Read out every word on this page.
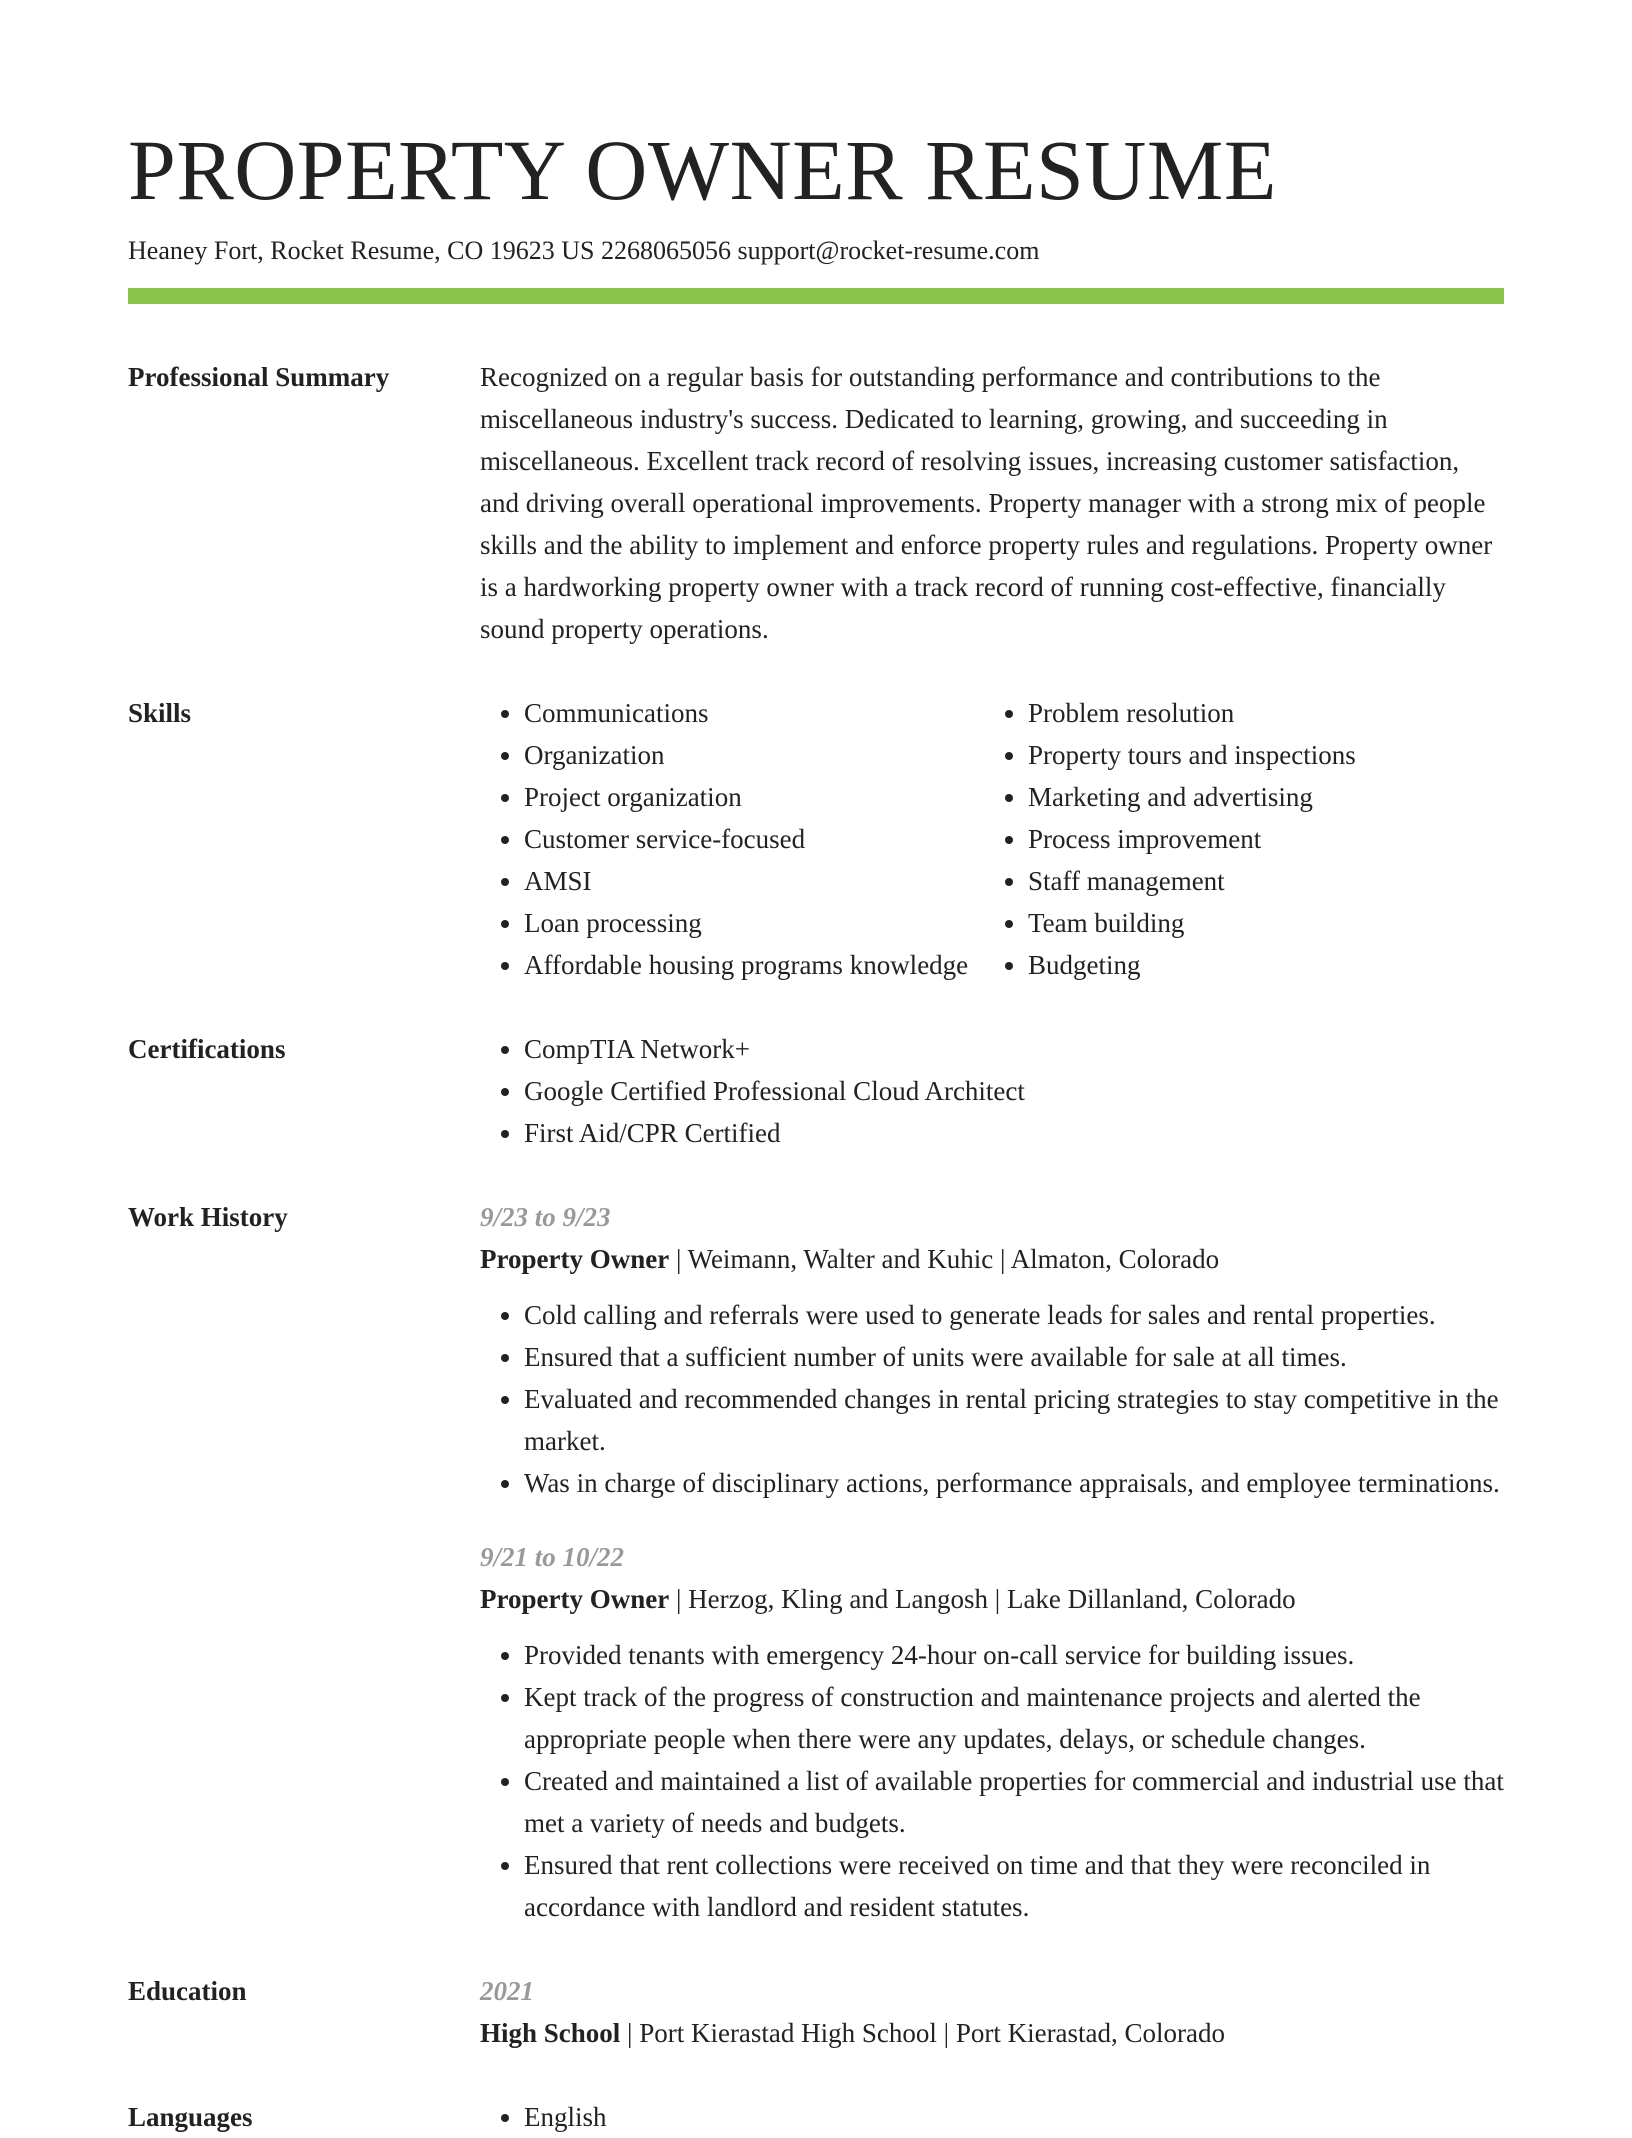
PROPERTY OWNER RESUME
Heaney Fort, Rocket Resume, CO 19623 US 2268065056 support@rocket-resume.com
Professional Summary	Recognized on a regular basis for outstanding performance and contributions to the miscellaneous industry's success. Dedicated to learning, growing, and succeeding in miscellaneous. Excellent track record of resolving issues, increasing customer satisfaction, and driving overall operational improvements. Property manager with a strong mix of people skills and the ability to implement and enforce property rules and regulations. Property owner is a hardworking property owner with a track record of running cost-effective, financially sound property operations.

Skills	• Communications
• Organization
• Project organization
• Customer service-focused
• AMSI
• Loan processing
• Affordable housing programs knowledge
• Problem resolution
• Property tours and inspections
• Marketing and advertising
• Process improvement
• Staff management
• Team building
• Budgeting
Certifications	• CompTIA Network+
• Google Certified Professional Cloud Architect
• First Aid/CPR Certified
Work History	9/23 to 9/23
Property Owner | Weimann, Walter and Kuhic | Almaton, Colorado
• Cold calling and referrals were used to generate leads for sales and rental properties.
• Ensured that a sufficient number of units were available for sale at all times.
• Evaluated and recommended changes in rental pricing strategies to stay competitive in the market.
• Was in charge of disciplinary actions, performance appraisals, and employee terminations.
9/21 to 10/22
Property Owner | Herzog, Kling and Langosh | Lake Dillanland, Colorado
• Provided tenants with emergency 24-hour on-call service for building issues.
• Kept track of the progress of construction and maintenance projects and alerted the appropriate people when there were any updates, delays, or schedule changes.
• Created and maintained a list of available properties for commercial and industrial use that met a variety of needs and budgets.
• Ensured that rent collections were received on time and that they were reconciled in accordance with landlord and resident statutes.
Education	2021
High School | Port Kierastad High School | Port Kierastad, Colorado
Languages	• English
